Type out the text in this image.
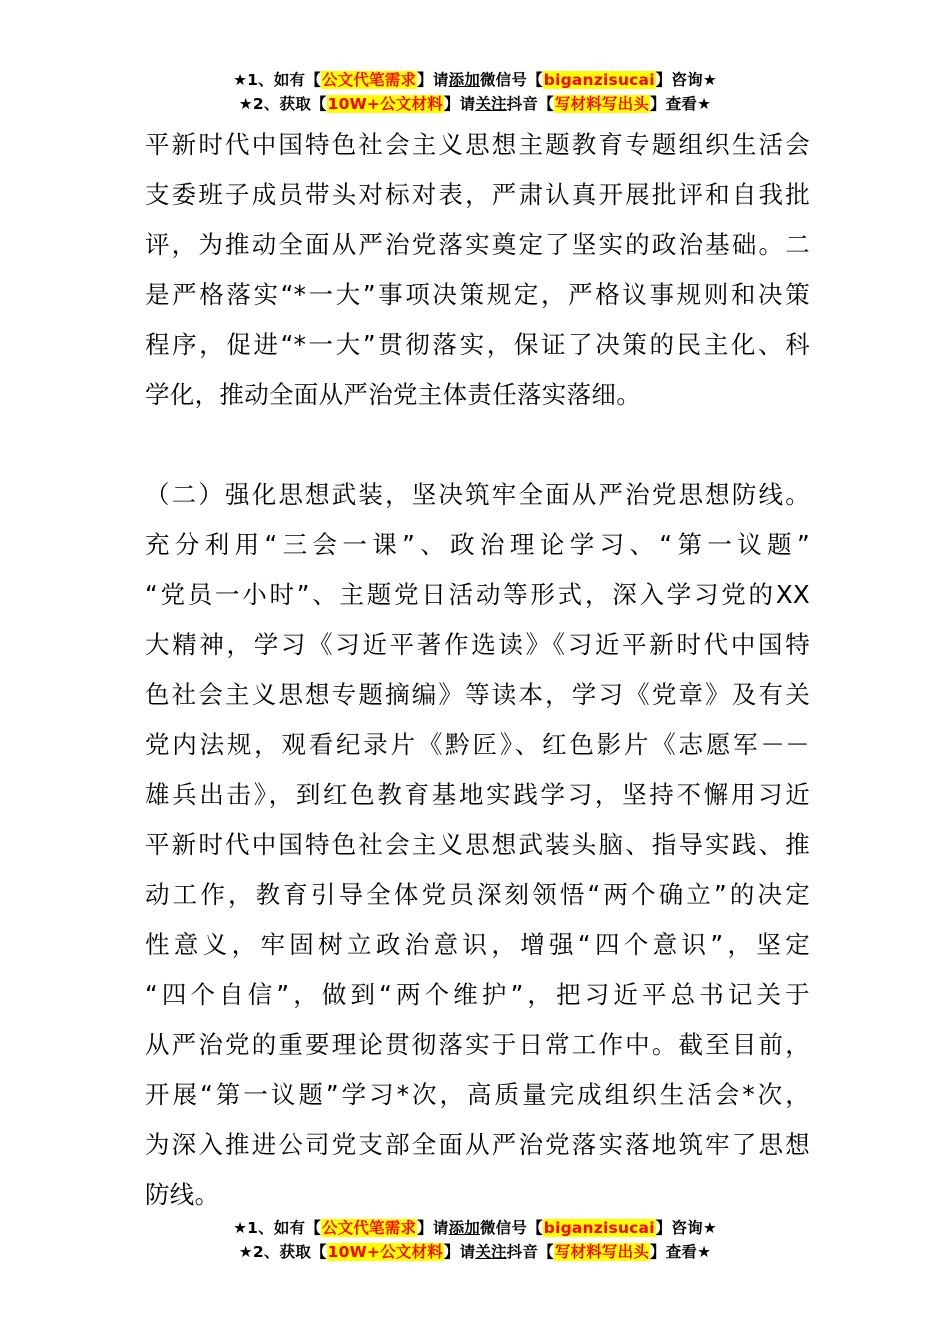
★1、如有【公文代笔需求】请添加微信号【biganzisucai】咨询★
★2、获取【10W+公文材料】请关注抖音【写材料写出头】查看★
平新时代中国特色社会主义思想主题教育专题组织生活会
支委班子成员带头对标对表，严肃认真开展批评和自我批
评，为推动全面从严治党落实奠定了坚实的政治基础。二
是严格落实“*一大”事项决策规定，严格议事规则和决策
程序，促进“*一大”贯彻落实，保证了决策的民主化、科
学化，推动全面从严治党主体责任落实落细。
（二）强化思想武装，坚决筑牢全面从严治党思想防线。
充分利用“三会一课”、政治理论学习、“第一议题”
“党员一小时”、主题党日活动等形式，深入学习党的XX
大精神，学习《习近平著作选读》《习近平新时代中国特
色社会主义思想专题摘编》等读本，学习《党章》及有关
党内法规，观看纪录片《黔匠》、红色影片《志愿军－－
雄兵出击》，到红色教育基地实践学习，坚持不懈用习近
平新时代中国特色社会主义思想武装头脑、指导实践、推
动工作，教育引导全体党员深刻领悟“两个确立”的决定
性意义，牢固树立政治意识，增强“四个意识”，坚定
“四个自信”，做到“两个维护”，把习近平总书记关于
从严治党的重要理论贯彻落实于日常工作中。截至目前，
开展“第一议题”学习*次，高质量完成组织生活会*次，
为深入推进公司党支部全面从严治党落实落地筑牢了思想
防线。
★1、如有【公文代笔需求】请添加微信号【biganzisucai】咨询★
★2、获取【10W+公文材料】请关注抖音【写材料写出头】查看★
